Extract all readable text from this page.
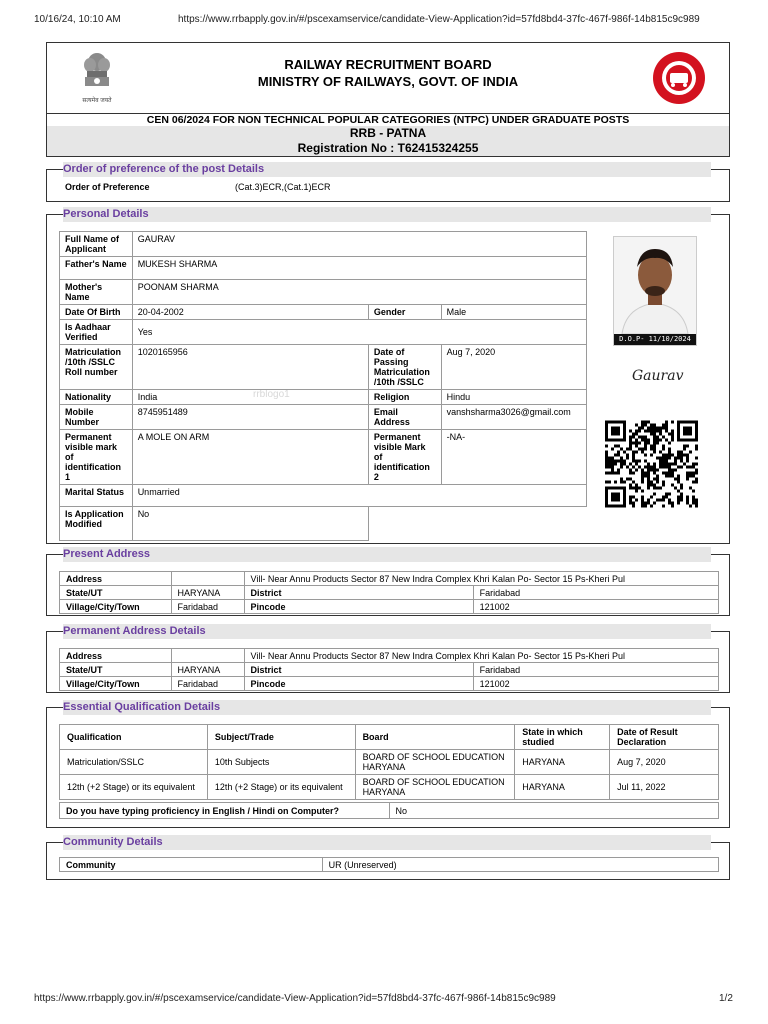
10/16/24, 10:10 AM	https://www.rrbapply.gov.in/#/pscexamservice/candidate-View-Application?id=57fd8bd4-37fc-467f-986f-14b815c9c989
सत्यमेव जयते
RAILWAY RECRUITMENT BOARD
MINISTRY OF RAILWAYS, GOVT. OF INDIA
CEN 06/2024 FOR NON TECHNICAL POPULAR CATEGORIES (NTPC) UNDER GRADUATE POSTS
RRB - PATNA
Registration No : T62415324255
Order of preference of the post Details
Order of Preference	(Cat.3)ECR,(Cat.1)ECR
Personal Details
rrblogo1
Full Name of Applicant	GAURAV		
Father's Name	MUKESH SHARMA		
Mother's Name	POONAM SHARMA		
Date Of Birth	20-04-2002	Gender	Male
Is Aadhaar Verified	Yes		
Matriculation /10th /SSLC Roll number	1020165956	Date of Passing Matriculation /10th /SSLC	Aug 7, 2020
Nationality	India	Religion	Hindu
Mobile Number	8745951489	Email Address	vanshsharma3026@gmail.com
Permanent visible mark of identification 1	A MOLE ON ARM	Permanent visible Mark of identification 2	-NA-
Marital Status	Unmarried		
Is Application Modified	No		
D.O.P- 11/10/2024
Gaurav
Present Address
Address		Vill- Near Annu Products Sector 87 New Indra Complex Khri Kalan Po- Sector 15 Ps-Kheri Pul	
State/UT	HARYANA	District	Faridabad
Village/City/Town	Faridabad	Pincode	121002
Permanent Address Details
Address		Vill- Near Annu Products Sector 87 New Indra Complex Khri Kalan Po- Sector 15 Ps-Kheri Pul	
State/UT	HARYANA	District	Faridabad
Village/City/Town	Faridabad	Pincode	121002
Essential Qualification Details
Qualification	Subject/Trade	Board	State in which studied	Date of Result Declaration
Matriculation/SSLC	10th Subjects	BOARD OF SCHOOL EDUCATION HARYANA	HARYANA	Aug 7, 2020
12th (+2 Stage) or its equivalent	12th (+2 Stage) or its equivalent	BOARD OF SCHOOL EDUCATION HARYANA	HARYANA	Jul 11, 2022
Do you have typing proficiency in English / Hindi on Computer?	No
Community Details
Community	UR (Unreserved)
https://www.rrbapply.gov.in/#/pscexamservice/candidate-View-Application?id=57fd8bd4-37fc-467f-986f-14b815c9c989	1/2
